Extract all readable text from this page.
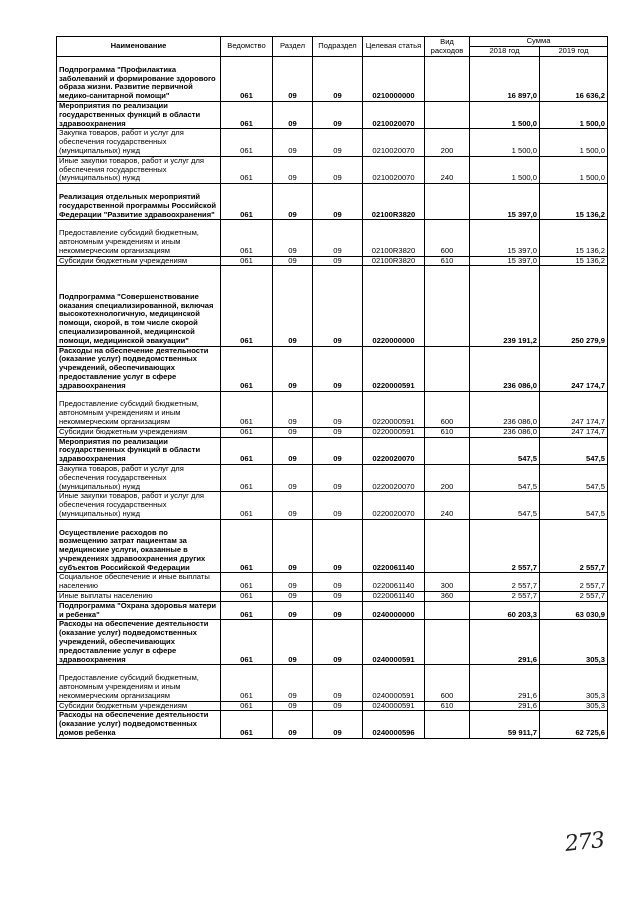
Наименование	Ведомство	Раздел	Подраздел	Целевая статья	Вид расходов	Сумма	
						2018 год	2019 год
Подпрограмма "Профилактика заболеваний и формирование здорового образа жизни. Развитие первичной медико-санитарной помощи"	061	09	09	0210000000		16 897,0	16 636,2
Мероприятия по реализации государственных функций в области здравоохранения	061	09	09	0210020070		1 500,0	1 500,0
Закупка товаров, работ и услуг для обеспечения государственных (муниципальных) нужд	061	09	09	0210020070	200	1 500,0	1 500,0
Иные закупки товаров, работ и услуг для обеспечения государственных (муниципальных) нужд	061	09	09	0210020070	240	1 500,0	1 500,0
Реализация отдельных мероприятий государственной программы Российской Федерации "Развитие здравоохранения"	061	09	09	02100R3820		15 397,0	15 136,2
Предоставление субсидий бюджетным, автономным учреждениям и иным некоммерческим организациям	061	09	09	02100R3820	600	15 397,0	15 136,2
Субсидии бюджетным учреждениям	061	09	09	02100R3820	610	15 397,0	15 136,2
Подпрограмма "Совершенствование оказания специализированной, включая высокотехнологичную, медицинской помощи, скорой, в том числе скорой специализированной, медицинской помощи, медицинской эвакуации"	061	09	09	0220000000		239 191,2	250 279,9
Расходы на обеспечение деятельности (оказание услуг) подведомственных учреждений, обеспечивающих предоставление услуг в сфере здравоохранения	061	09	09	0220000591		236 086,0	247 174,7
Предоставление субсидий бюджетным, автономным учреждениям и иным некоммерческим организациям	061	09	09	0220000591	600	236 086,0	247 174,7
Субсидии бюджетным учреждениям	061	09	09	0220000591	610	236 086,0	247 174,7
Мероприятия по реализации государственных функций в области здравоохранения	061	09	09	0220020070		547,5	547,5
Закупка товаров, работ и услуг для обеспечения государственных (муниципальных) нужд	061	09	09	0220020070	200	547,5	547,5
Иные закупки товаров, работ и услуг для обеспечения государственных (муниципальных) нужд	061	09	09	0220020070	240	547,5	547,5
Осуществление расходов по возмещению затрат пациентам за медицинские услуги, оказанные в учреждениях здравоохранения других субъектов Российской Федерации	061	09	09	0220061140		2 557,7	2 557,7
Социальное обеспечение и иные выплаты населению	061	09	09	0220061140	300	2 557,7	2 557,7
Иные выплаты населению	061	09	09	0220061140	360	2 557,7	2 557,7
Подпрограмма "Охрана здоровья матери и ребенка"	061	09	09	0240000000		60 203,3	63 030,9
Расходы на обеспечение деятельности (оказание услуг) подведомственных учреждений, обеспечивающих предоставление услуг в сфере здравоохранения	061	09	09	0240000591		291,6	305,3
Предоставление субсидий бюджетным, автономным учреждениям и иным некоммерческим организациям	061	09	09	0240000591	600	291,6	305,3
Субсидии бюджетным учреждениям	061	09	09	0240000591	610	291,6	305,3
Расходы на обеспечение деятельности (оказание услуг) подведомственных домов ребенка	061	09	09	0240000596		59 911,7	62 725,6
273
